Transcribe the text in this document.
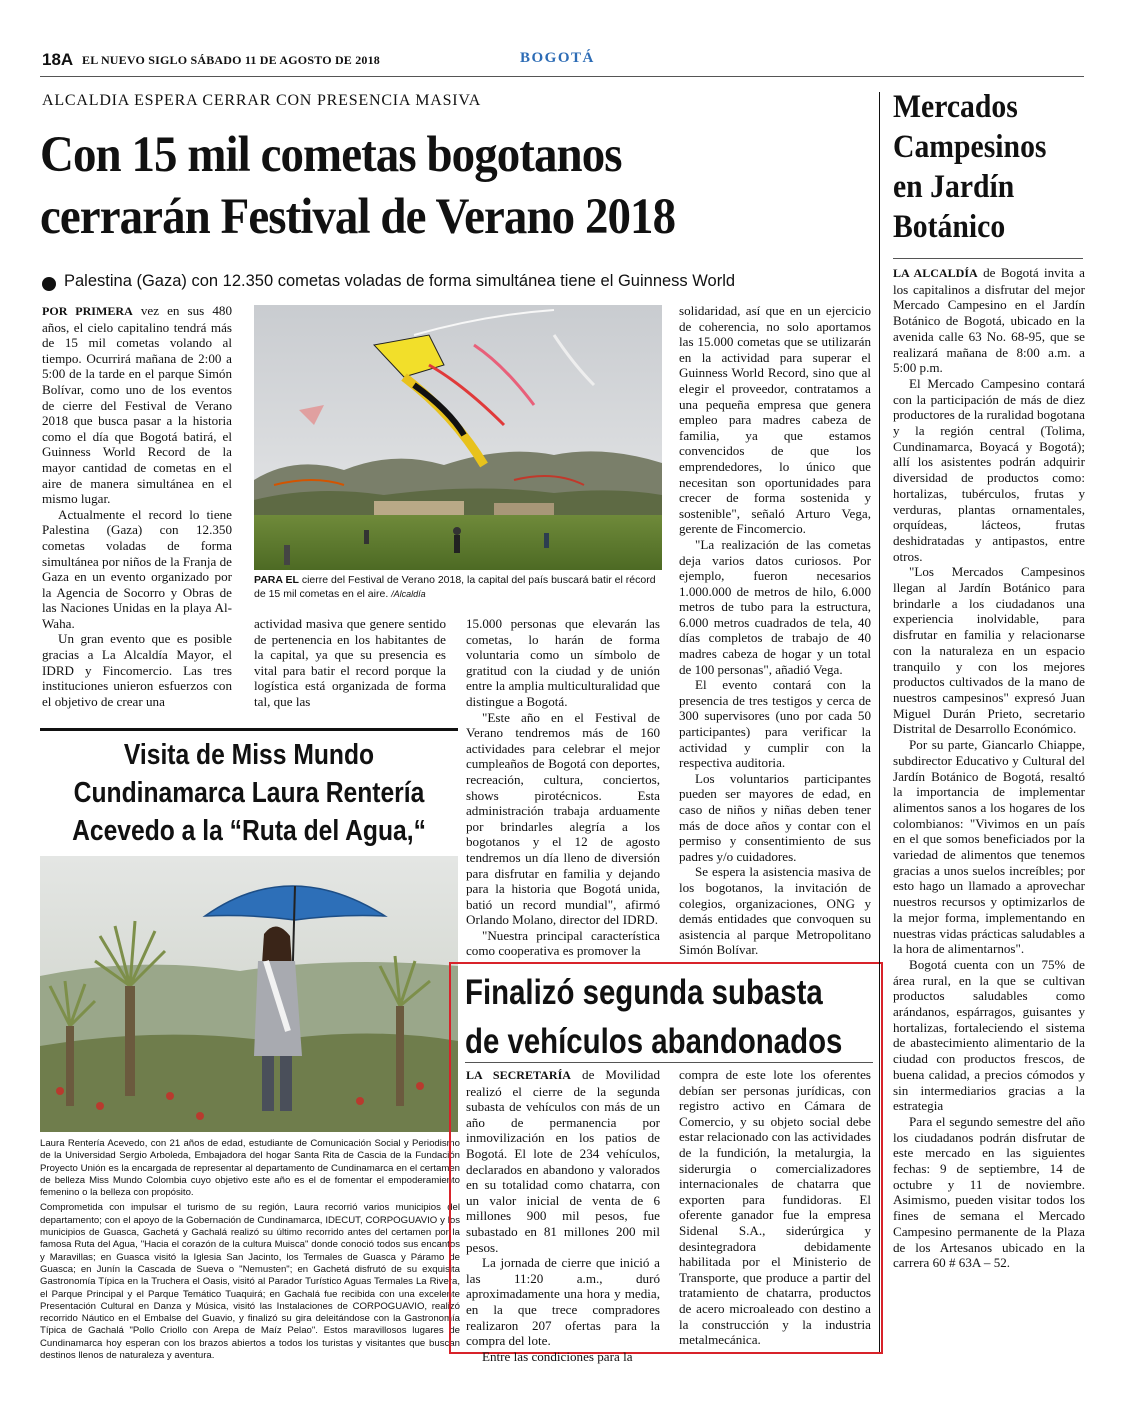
18A EL NUEVO SIGLO SÁBADO 11 DE AGOSTO DE 2018	BOGOTÁ
ALCALDIA ESPERA CERRAR CON PRESENCIA MASIVA
Con 15 mil cometas bogotanos
cerrarán Festival de Verano 2018
Palestina (Gaza) con 12.350 cometas voladas de forma simultánea tiene el Guinness World

POR PRIMERA vez en sus 480 años, el cielo capitalino tendrá más de 15 mil cometas volando al tiempo. Ocurrirá mañana de 2:00 a 5:00 de la tarde en el parque Simón Bolívar, como uno de los eventos de cierre del Festival de Verano 2018 que busca pasar a la historia como el día que Bogotá batirá, el Guinness World Record de la mayor cantidad de cometas en el aire de manera simultánea en el mismo lugar.

Actualmente el record lo tiene Palestina (Gaza) con 12.350 cometas voladas de forma simultánea por niños de la Franja de Gaza en un evento organizado por la Agencia de Socorro y Obras de las Naciones Unidas en la playa Al-Waha.

Un gran evento que es posible gracias a La Alcaldía Mayor, el IDRD y Fincomercio. Las tres instituciones unieron esfuerzos con el objetivo de crear una

PARA EL cierre del Festival de Verano 2018, la capital del país buscará batir el récord de 15 mil cometas en el aire. /Alcaldía

actividad masiva que genere sentido de pertenencia en los habitantes de la capital, ya que su presencia es vital para batir el record porque la logística está organizada de forma tal, que las

15.000 personas que elevarán las cometas, lo harán de forma voluntaria como un símbolo de gratitud con la ciudad y de unión entre la amplia multiculturalidad que distingue a Bogotá.

"Este año en el Festival de Verano tendremos más de 160 actividades para celebrar el mejor cumpleaños de Bogotá con deportes, recreación, cultura, conciertos, shows pirotécnicos. Esta administración trabaja arduamente por brindarles alegría a los bogotanos y el 12 de agosto tendremos un día lleno de diversión para disfrutar en familia y dejando para la historia que Bogotá unida, batió un record mundial", afirmó Orlando Molano, director del IDRD.

"Nuestra principal característica como cooperativa es promover la

solidaridad, así que en un ejercicio de coherencia, no solo aportamos las 15.000 cometas que se utilizarán en la actividad para superar el Guinness World Record, sino que al elegir el proveedor, contratamos a una pequeña empresa que genera empleo para madres cabeza de familia, ya que estamos convencidos de que los emprendedores, lo único que necesitan son oportunidades para crecer de forma sostenida y sostenible", señaló Arturo Vega, gerente de Fincomercio.

"La realización de las cometas deja varios datos curiosos. Por ejemplo, fueron necesarios 1.000.000 de metros de hilo, 6.000 metros de tubo para la estructura, 6.000 metros cuadrados de tela, 40 días completos de trabajo de 40 madres cabeza de hogar y un total de 100 personas", añadió Vega.

El evento contará con la presencia de tres testigos y cerca de 300 supervisores (uno por cada 50 participantes) para verificar la actividad y cumplir con la respectiva auditoria.

Los voluntarios participantes pueden ser mayores de edad, en caso de niños y niñas deben tener más de doce años y contar con el permiso y consentimiento de sus padres y/o cuidadores.

Se espera la asistencia masiva de los bogotanos, la invitación de colegios, organizaciones, ONG y demás entidades que convoquen su asistencia al parque Metropolitano Simón Bolívar.

Visita de Miss Mundo Cundinamarca Laura Rentería Acevedo a la “Ruta del Agua,“

Laura Rentería Acevedo, con 21 años de edad, estudiante de Comunicación Social y Periodismo de la Universidad Sergio Arboleda, Embajadora del hogar Santa Rita de Cascia de la Fundación Proyecto Unión es la encargada de representar al departamento de Cundinamarca en el certamen de belleza Miss Mundo Colombia cuyo objetivo este año es el de fomentar el empoderamiento femenino o la belleza con propósito.

Comprometida con impulsar el turismo de su región, Laura recorrió varios municipios del departamento; con el apoyo de la Gobernación de Cundinamarca, IDECUT, CORPOGUAVIO y los municipios de Guasca, Gachetá y Gachalá realizó su último recorrido antes del certamen por la famosa Ruta del Agua, "Hacia el corazón de la cultura Muisca" donde conoció todos sus encantos y Maravillas; en Guasca visitó la Iglesia San Jacinto, los Termales de Guasca y Páramo de Guasca; en Junín la Cascada de Sueva o "Nemusten"; en Gachetá disfrutó de su exquisita Gastronomía Típica en la Truchera el Oasis, visitó al Parador Turístico Aguas Termales La Rivera, el Parque Principal y el Parque Temático Tuaquirá; en Gachalá fue recibida con una excelente Presentación Cultural en Danza y Música, visitó las Instalaciones de CORPOGUAVIO, realizó recorrido Náutico en el Embalse del Guavio, y finalizó su gira deleitándose con la Gastronomía Típica de Gachalá "Pollo Criollo con Arepa de Maíz Pelao". Estos maravillosos lugares de Cundinamarca hoy esperan con los brazos abiertos a todos los turistas y visitantes que buscan destinos llenos de naturaleza y aventura.

Finalizó segunda subasta
de vehículos abandonados

LA SECRETARÍA de Movilidad realizó el cierre de la segunda subasta de vehículos con más de un año de permanencia por inmovilización en los patios de Bogotá. El lote de 234 vehículos, declarados en abandono y valorados en su totalidad como chatarra, con un valor inicial de venta de 6 millones 900 mil pesos, fue subastado en 81 millones 200 mil pesos.

La jornada de cierre que inició a las 11:20 a.m., duró aproximadamente una hora y media, en la que trece compradores realizaron 207 ofertas para la compra del lote.

Entre las condiciones para la

compra de este lote los oferentes debían ser personas jurídicas, con registro activo en Cámara de Comercio, y su objeto social debe estar relacionado con las actividades de la fundición, la metalurgia, la siderurgia o comercializadores internacionales de chatarra que exporten para fundidoras. El oferente ganador fue la empresa Sidenal S.A., siderúrgica y desintegradora debidamente habilitada por el Ministerio de Transporte, que produce a partir del tratamiento de chatarra, productos de acero microaleado con destino a la construcción y la industria metalmecánica.

Mercados Campesinos en Jardín Botánico

LA ALCALDÍA de Bogotá invita a los capitalinos a disfrutar del mejor Mercado Campesino en el Jardín Botánico de Bogotá, ubicado en la avenida calle 63 No. 68-95, que se realizará mañana de 8:00 a.m. a 5:00 p.m.

El Mercado Campesino contará con la participación de más de diez productores de la ruralidad bogotana y la región central (Tolima, Cundinamarca, Boyacá y Bogotá); allí los asistentes podrán adquirir diversidad de productos como: hortalizas, tubérculos, frutas y verduras, plantas ornamentales, orquídeas, lácteos, frutas deshidratadas y antipastos, entre otros.

"Los Mercados Campesinos llegan al Jardín Botánico para brindarle a los ciudadanos una experiencia inolvidable, para disfrutar en familia y relacionarse con la naturaleza en un espacio tranquilo y con los mejores productos cultivados de la mano de nuestros campesinos" expresó Juan Miguel Durán Prieto, secretario Distrital de Desarrollo Económico.

Por su parte, Giancarlo Chiappe, subdirector Educativo y Cultural del Jardín Botánico de Bogotá, resaltó la importancia de implementar alimentos sanos a los hogares de los colombianos: "Vivimos en un país en el que somos beneficiados por la variedad de alimentos que tenemos gracias a unos suelos increíbles; por esto hago un llamado a aprovechar nuestros recursos y optimizarlos de la mejor forma, implementando en nuestras vidas prácticas saludables a la hora de alimentarnos".

Bogotá cuenta con un 75% de área rural, en la que se cultivan productos saludables como arándanos, espárragos, guisantes y hortalizas, fortaleciendo el sistema de abastecimiento alimentario de la ciudad con productos frescos, de buena calidad, a precios cómodos y sin intermediarios gracias a la estrategia

Para el segundo semestre del año los ciudadanos podrán disfrutar de este mercado en las siguientes fechas: 9 de septiembre, 14 de octubre y 11 de noviembre. Asimismo, pueden visitar todos los fines de semana el Mercado Campesino permanente de la Plaza de los Artesanos ubicado en la carrera 60 # 63A – 52.
